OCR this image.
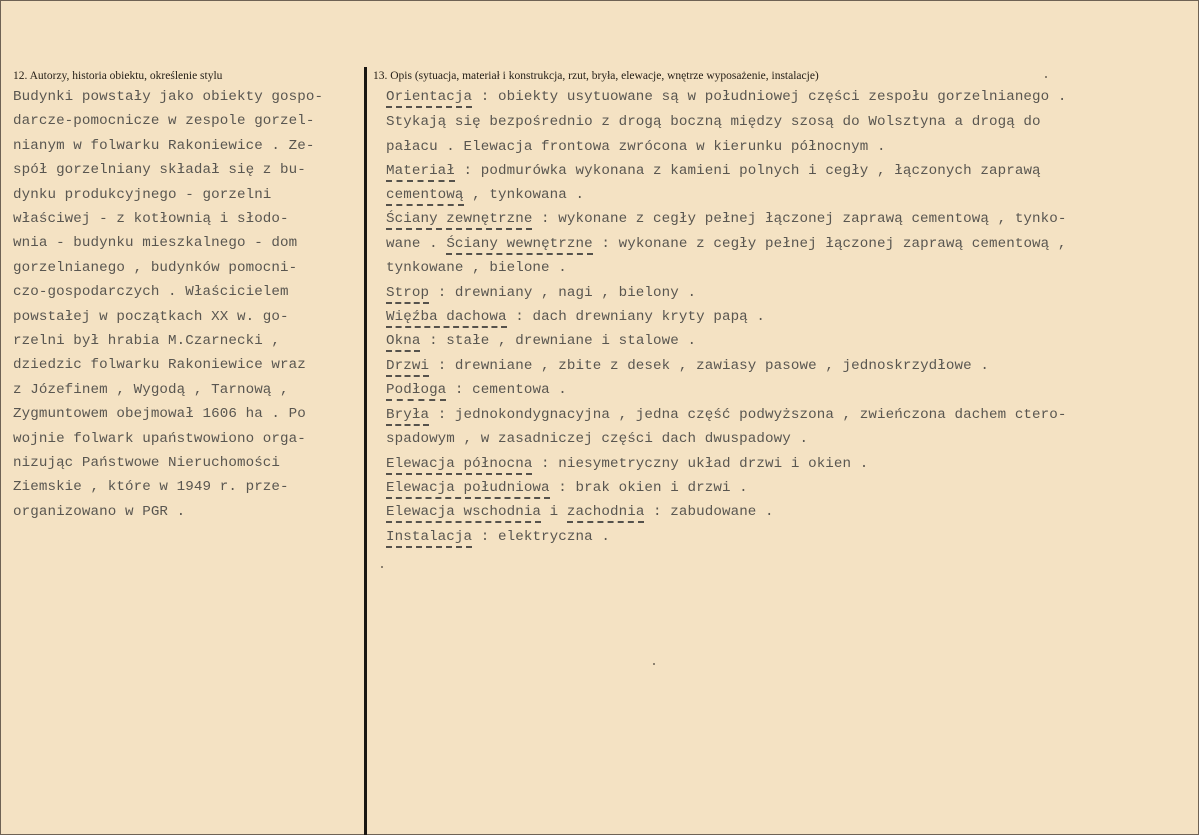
12. Autorzy, historia obiektu, określenie stylu	13. Opis (sytuacja, materiał i konstrukcja, rzut, bryła, elewacje, wnętrze wyposażenie, instalacje)
Budynki powstały jako obiekty gospo-
darcze-pomocnicze w zespole gorzel-
nianym w folwarku Rakoniewice . Ze-
spół gorzelniany składał się z bu-
dynku produkcyjnego - gorzelni
właściwej - z kotłownią i słodo-
wnia - budynku mieszkalnego - dom
gorzelnianego , budynków pomocni-
czo-gospodarczych . Właścicielem
powstałej w początkach XX w. go-
rzelni był hrabia M.Czarnecki ,
dziedzic folwarku Rakoniewice wraz
z Józefinem , Wygodą , Tarnową ,
Zygmuntowem obejmował 1606 ha . Po
wojnie folwark upaństwowiono orga-
nizując Państwowe Nieruchomości
Ziemskie , które w 1949 r. prze-
organizowano w PGR .
Orientacja : obiekty usytuowane są w południowej części zespołu gorzelnianego .
Stykają się bezpośrednio z drogą boczną między szosą do Wolsztyna a drogą do
pałacu . Elewacja frontowa zwrócona w kierunku północnym .
Materiał : podmurówka wykonana z kamieni polnych i cegły , łączonych zaprawą
cementową , tynkowana .
Ściany zewnętrzne : wykonane z cegły pełnej łączonej zaprawą cementową , tynko-
wane . Ściany wewnętrzne : wykonane z cegły pełnej łączonej zaprawą cementową ,
tynkowane , bielone .
Strop : drewniany , nagi , bielony .
Więźba dachowa : dach drewniany kryty papą .
Okna : stałe , drewniane i stalowe .
Drzwi : drewniane , zbite z desek , zawiasy pasowe , jednoskrzydłowe .
Podłoga : cementowa .
Bryła : jednokondygnacyjna , jedna część podwyższona , zwieńczona dachem ctero-
spadowym , w zasadniczej części dach dwuspadowy .
Elewacja północna : niesymetryczny układ drzwi i okien .
Elewacja południowa : brak okien i drzwi .
Elewacja wschodnia i zachodnia : zabudowane .
Instalacja : elektryczna .
